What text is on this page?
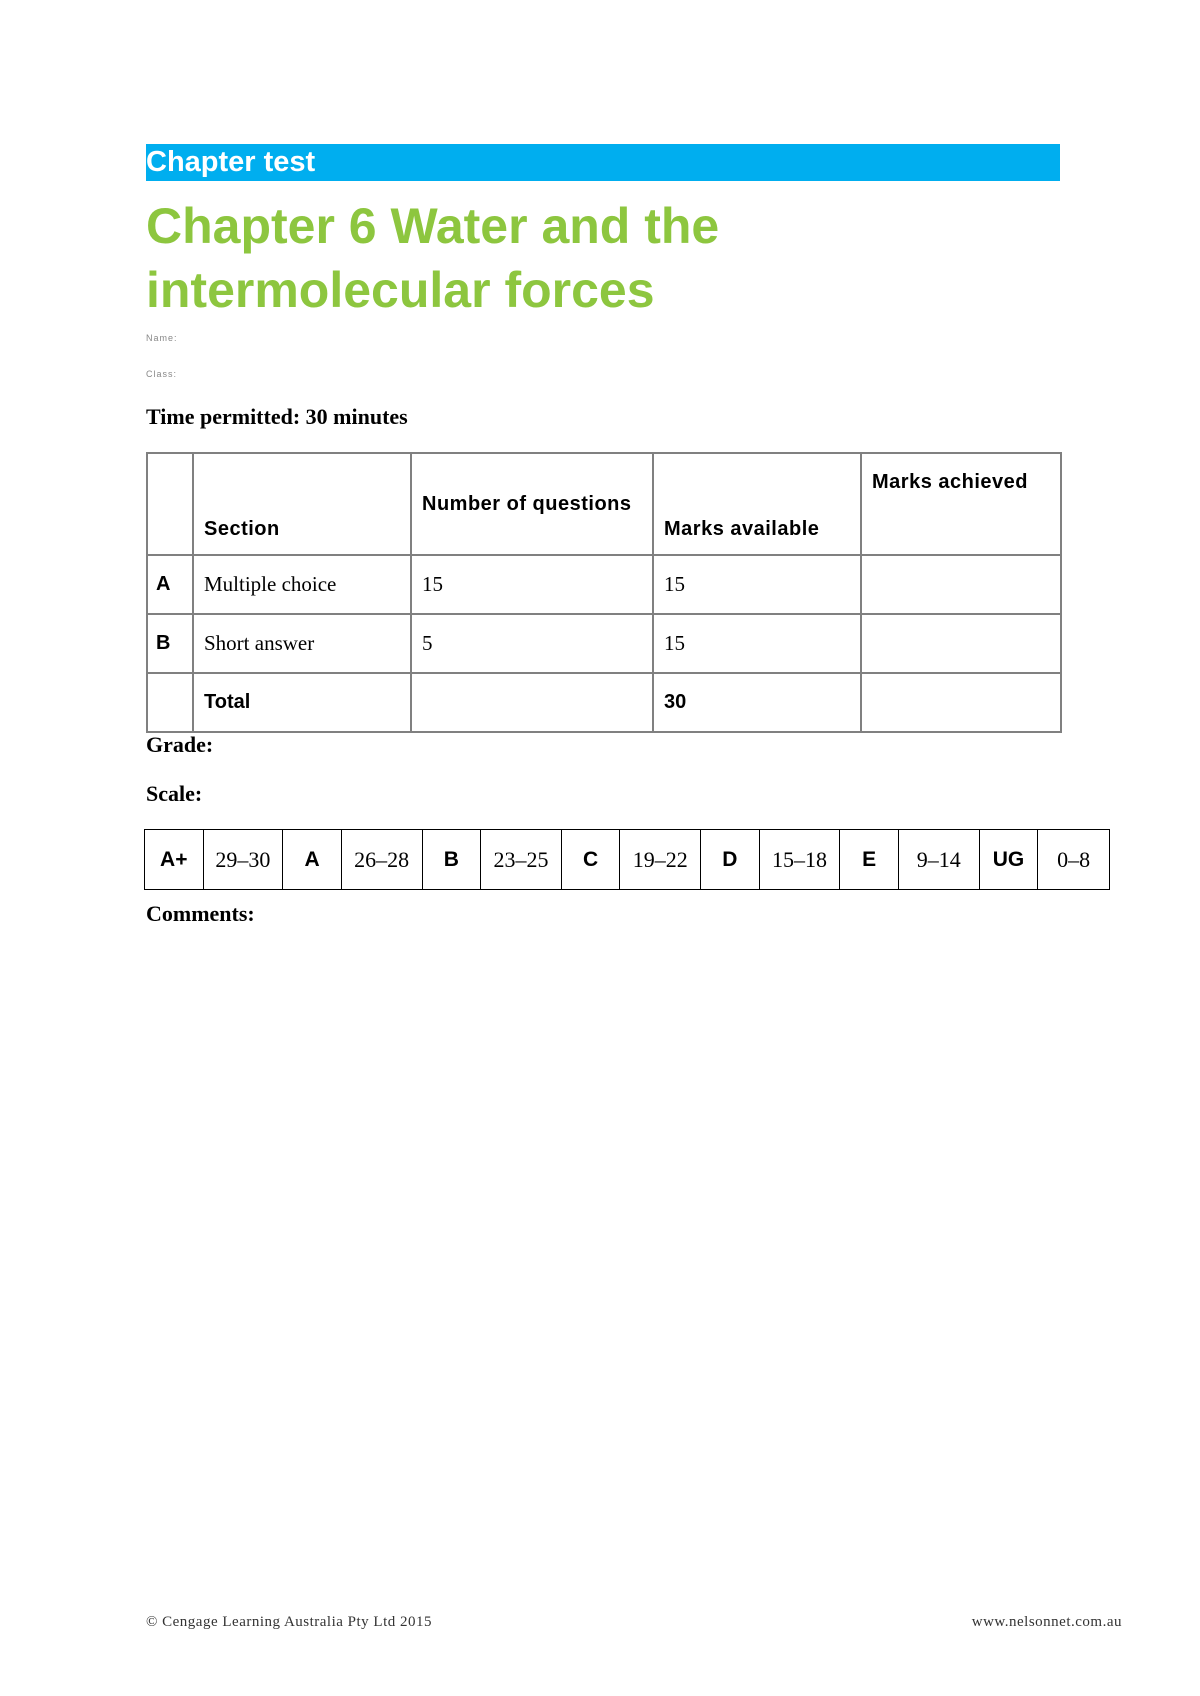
Chapter test
Chapter 6 Water and the
intermolecular forces
Name:
Class:
Time permitted: 30 minutes
	Section	Number of questions	Marks available	Marks achieved
A	Multiple choice	15	15	
B	Short answer	5	15	
	Total		30	
Grade:
Scale:
A+	29–30	A	26–28	B	23–25	C	19–22	D	15–18	E	9–14	UG	0–8
Comments:
© Cengage Learning Australia Pty Ltd 2015	www.nelsonnet.com.au
